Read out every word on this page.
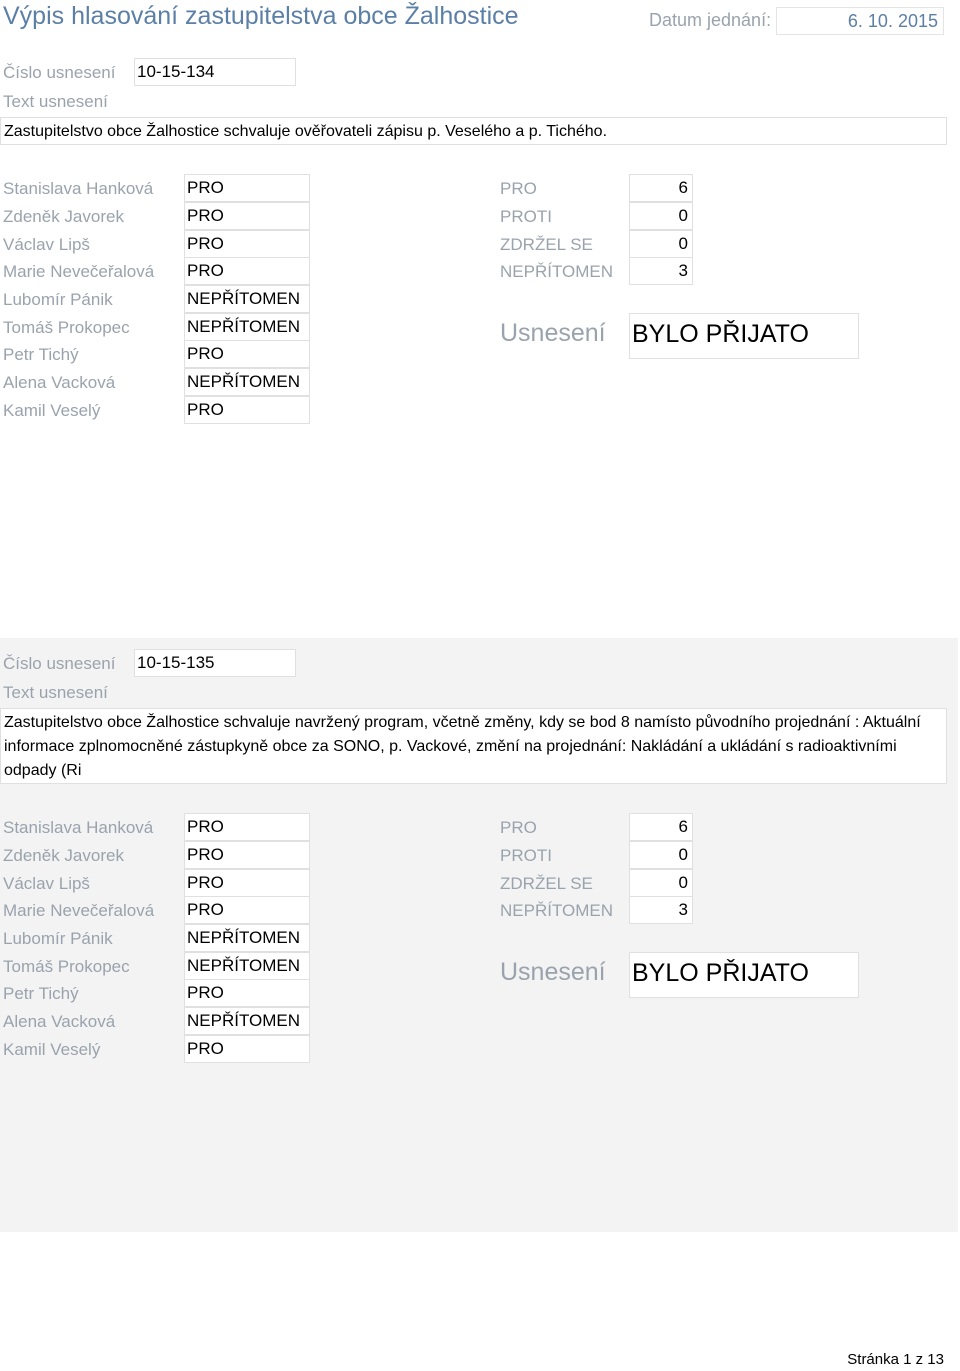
Výpis hlasování zastupitelstva obce Žalhostice	Datum jednání:	6. 10. 2015
Číslo usnesení 10-15-134
Text usnesení
Zastupitelstvo obce Žalhostice schvaluje ověřovateli zápisu p. Veselého a p. Tichého.
Stanislava Hanková PRO
Zdeněk Javorek	PRO
Václav Lipš	PRO
Marie Nevečeřalová PRO
Lubomír Pánik	NEPŘÍTOMEN
Tomáš Prokopec	NEPŘÍTOMEN
Petr Tichý	PRO
Alena Vacková	NEPŘÍTOMEN
Kamil Veselý	PRO
PRO	6
PROTI	0
ZDRŽEL SE	0
NEPŘÍTOMEN	3
Usnesení BYLO PŘIJATO
Číslo usnesení 10-15-135
Text usnesení
Zastupitelstvo obce Žalhostice schvaluje navržený program, včetně změny, kdy se bod 8 namísto původního projednání : Aktuální informace zplnomocněné zástupkyně obce za SONO, p. Vackové, změní na projednání: Nakládání a ukládání s radioaktivními odpady (Ri
Stanislava Hanková PRO
Zdeněk Javorek	PRO
Václav Lipš	PRO
Marie Nevečeřalová PRO
Lubomír Pánik	NEPŘÍTOMEN
Tomáš Prokopec	NEPŘÍTOMEN
Petr Tichý	PRO
Alena Vacková	NEPŘÍTOMEN
Kamil Veselý	PRO
PRO	6
PROTI	0
ZDRŽEL SE	0
NEPŘÍTOMEN	3
Usnesení BYLO PŘIJATO
Stránka 1 z 13
